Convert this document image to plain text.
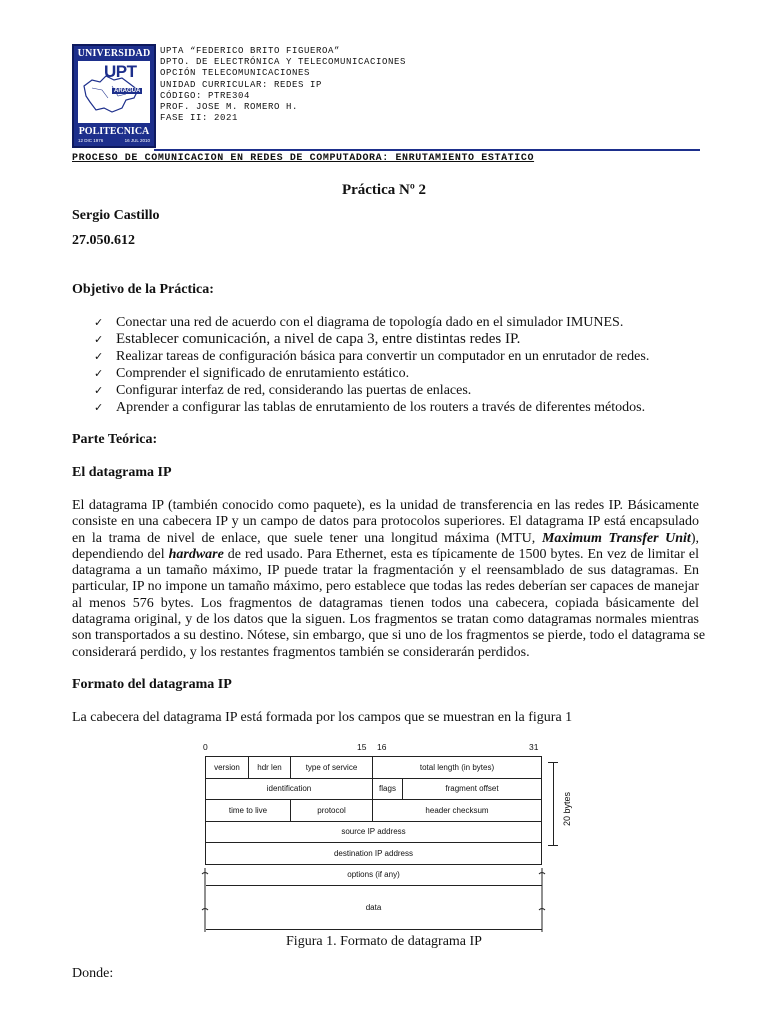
UNIVERSIDAD
UPT
ARAGUA
FEDERICO BRITO FIGUEROA
POLITECNICA
12 DIC 1976	16 JUL 2010
UPTA “FEDERICO BRITO FIGUEROA”
DPTO. DE ELECTRÓNICA Y TELECOMUNICACIONES
OPCIÓN TELECOMUNICACIONES
UNIDAD CURRICULAR: REDES IP
CÓDIGO: PTRE304
PROF. JOSE M. ROMERO H.
FASE II: 2021
PROCESO DE COMUNICACION EN REDES DE COMPUTADORA: ENRUTAMIENTO ESTATICO
Práctica Nº 2
Sergio Castillo
27.050.612
Objetivo de la Práctica:
✓ Conectar una red de acuerdo con el diagrama de topología dado en el simulador IMUNES.
✓ Establecer comunicación, a nivel de capa 3, entre distintas redes IP.
✓ Realizar tareas de configuración básica para convertir un computador en un enrutador de redes.
✓ Comprender el significado de enrutamiento estático.
✓ Configurar interfaz de red, considerando las puertas de enlaces.
✓ Aprender a configurar las tablas de enrutamiento de los routers a través de diferentes métodos.
Parte Teórica:
El datagrama IP
El datagrama IP (también conocido como paquete), es la unidad de transferencia en las redes IP. Básicamente
consiste en una cabecera IP y un campo de datos para protocolos superiores. El datagrama IP está encapsulado
en la trama de nivel de enlace, que suele tener una longitud máxima (MTU, Maximum Transfer Unit),
dependiendo del hardware de red usado. Para Ethernet, esta es típicamente de 1500 bytes. En vez de limitar el
datagrama a un tamaño máximo, IP puede tratar la fragmentación y el reensamblado de sus datagramas. En
particular, IP no impone un tamaño máximo, pero establece que todas las redes deberían ser capaces de manejar
al menos 576 bytes. Los fragmentos de datagramas tienen todos una cabecera, copiada básicamente del
datagrama original, y de los datos que la siguen. Los fragmentos se tratan como datagramas normales mientras
son transportados a su destino. Nótese, sin embargo, que si uno de los fragmentos se pierde, todo el datagrama se
considerará perdido, y los restantes fragmentos también se considerarán perdidos.
Formato del datagrama IP
La cabecera del datagrama IP está formada por los campos que se muestran en la figura 1
0	15 16	31
version	hdr len	type of service	total length (in bytes)	
identification			flags	fragment offset
time to live		protocol	header checksum	
source IP address				
destination IP address				
options (if any)				
data				
20 bytes
Figura 1. Formato de datagrama IP
Donde:
